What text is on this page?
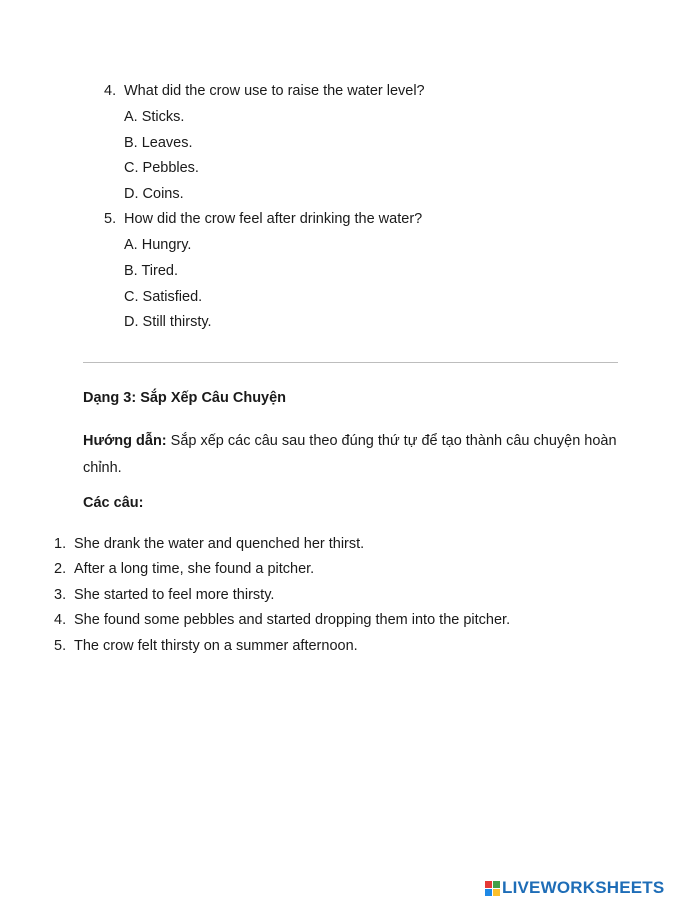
4. What did the crow use to raise the water level?
A. Sticks.
B. Leaves.
C. Pebbles.
D. Coins.
5. How did the crow feel after drinking the water?
A. Hungry.
B. Tired.
C. Satisfied.
D. Still thirsty.
Dạng 3: Sắp Xếp Câu Chuyện
Hướng dẫn: Sắp xếp các câu sau theo đúng thứ tự để tạo thành câu chuyện hoàn chỉnh.
Các câu:
1. She drank the water and quenched her thirst.
2. After a long time, she found a pitcher.
3. She started to feel more thirsty.
4. She found some pebbles and started dropping them into the pitcher.
5. The crow felt thirsty on a summer afternoon.
LIVEWORKSHEETS
